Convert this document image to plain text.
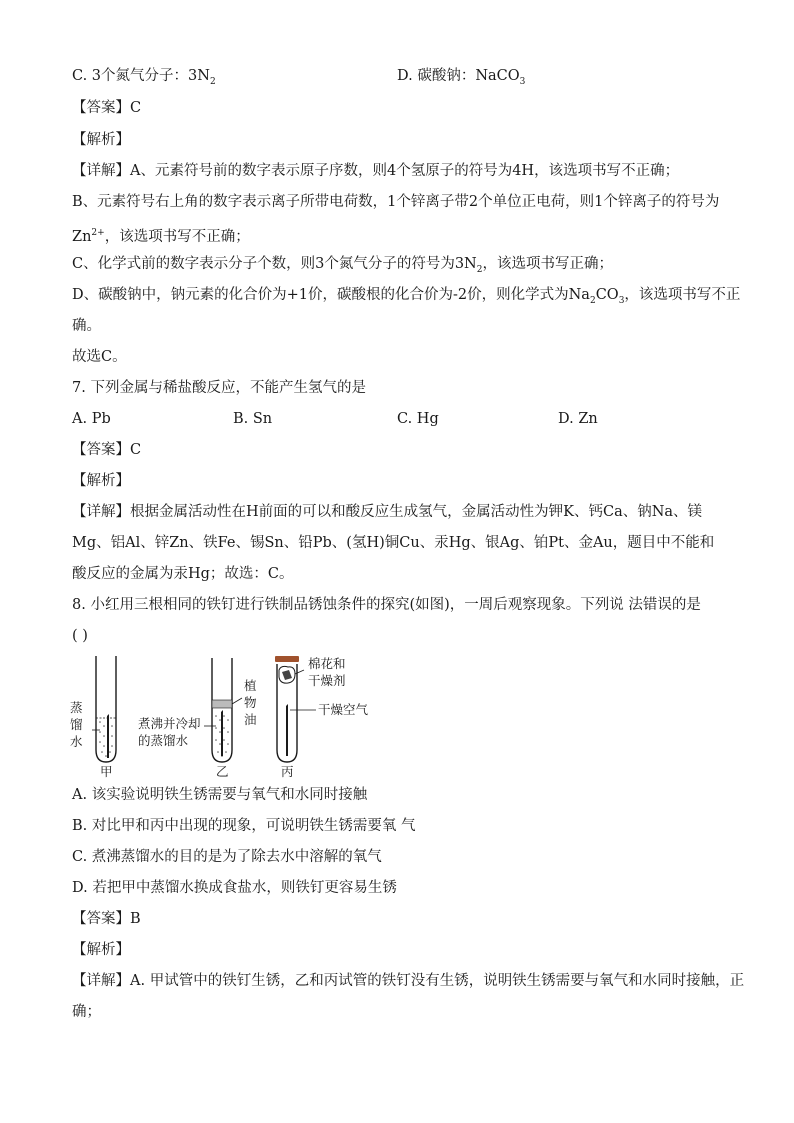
C. 3个氮气分子：$3N_2$	D. 碳酸钠：NaCO$_3$
【答案】C
【解析】
【详解】A、元素符号前的数字表示原子序数，则4个氢原子的符号为4H，该选项书写不正确；
B、元素符号右上角的数字表示离子所带电荷数，1个锌离子带2个单位正电荷，则1个锌离子的符号为
$Zn^{2+}$，该选项书写不正确；
C、化学式前的数字表示分子个数，则3个氮气分子的符号为$3N_2$，该选项书写正确；
D、碳酸钠中，钠元素的化合价为+1价，碳酸根的化合价为-2价，则化学式为$Na_2CO_3$，该选项书写不正
确。
故选C。
7. 下列金属与稀盐酸反应，不能产生氢气的是
A. Pb	B. Sn	C. Hg	D. Zn
【答案】C
【解析】
【详解】根据金属活动性在H前面的可以和酸反应生成氢气，金属活动性为钾K、钙Ca、钠Na、镁
Mg、铝Al、锌Zn、铁Fe、锡Sn、铅Pb、(氢H)铜Cu、汞Hg、银Ag、铂Pt、金Au，题目中不能和
酸反应的金属为汞Hg；故选：C。
8. 小红用三根相同的铁钉进行铁制品锈蚀条件的探究(如图)，一周后观察现象。下列说 法错误的是
( )
蒸
馏
水
甲
煮沸并冷却
的蒸馏水
植
物
油
乙
棉花和
干燥剂
干燥空气
丙
A. 该实验说明铁生锈需要与氧气和水同时接触
B. 对比甲和丙中出现的现象，可说明铁生锈需要氧 气
C. 煮沸蒸馏水的目的是为了除去水中溶解的氧气
D. 若把甲中蒸馏水换成食盐水，则铁钉更容易生锈
【答案】B
【解析】
【详解】A. 甲试管中的铁钉生锈，乙和丙试管的铁钉没有生锈，说明铁生锈需要与氧气和水同时接触，正
确；
